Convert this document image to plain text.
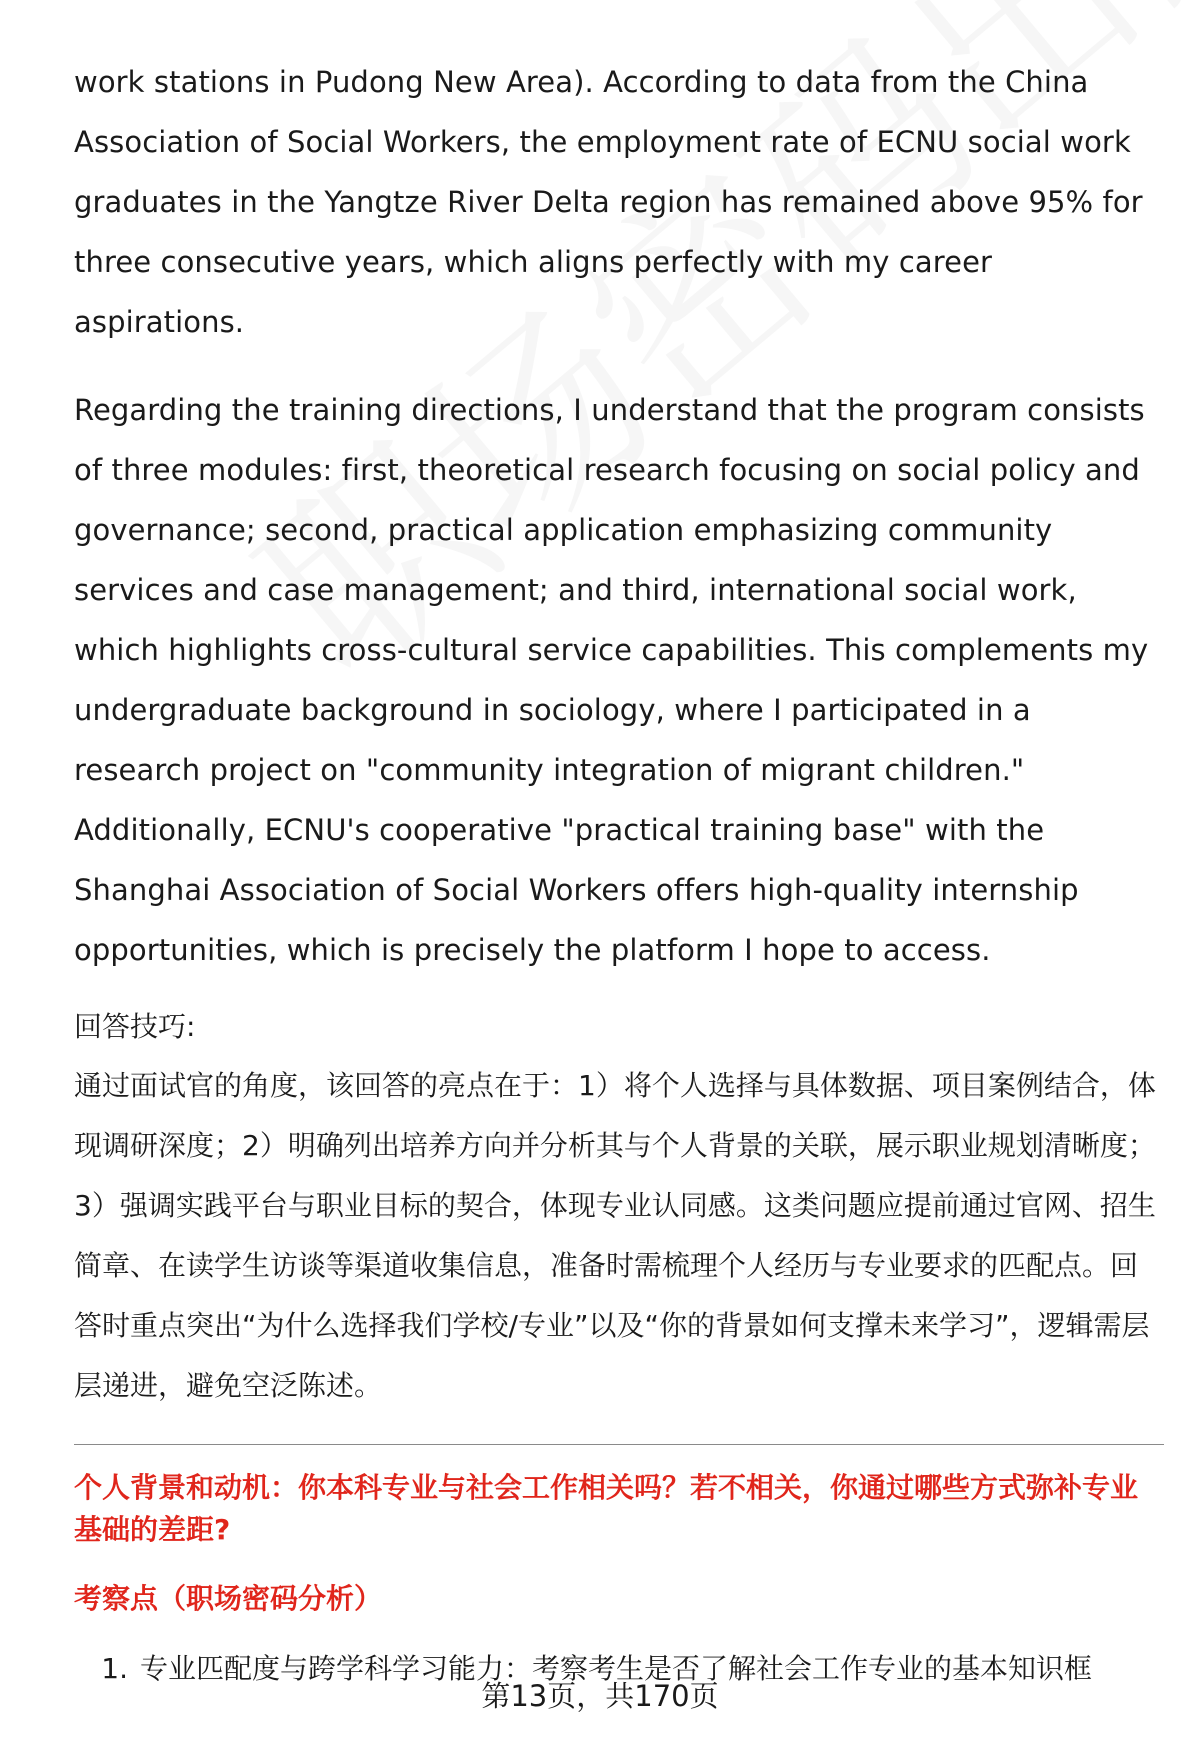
work stations in Pudong New Area). According to data from the China Association of Social Workers, the employment rate of ECNU social work graduates in the Yangtze River Delta region has remained above 95% for three consecutive years, which aligns perfectly with my career aspirations.

Regarding the training directions, I understand that the program consists of three modules: first, theoretical research focusing on social policy and governance; second, practical application emphasizing community services and case management; and third, international social work, which highlights cross-cultural service capabilities. This complements my undergraduate background in sociology, where I participated in a research project on "community integration of migrant children." Additionally, ECNU's cooperative "practical training base" with the Shanghai Association of Social Workers offers high-quality internship opportunities, which is precisely the platform I hope to access.

回答技巧:

通过面试官的角度，该回答的亮点在于：1）将个人选择与具体数据、项目案例结合，体现调研深度；2）明确列出培养方向并分析其与个人背景的关联，展示职业规划清晰度；3）强调实践平台与职业目标的契合，体现专业认同感。这类问题应提前通过官网、招生简章、在读学生访谈等渠道收集信息，准备时需梳理个人经历与专业要求的匹配点。回答时重点突出“为什么选择我们学校/专业”以及“你的背景如何支撑未来学习”，逻辑需层层递进，避免空泛陈述。

个人背景和动机：你本科专业与社会工作相关吗？若不相关，你通过哪些方式弥补专业基础的差距?
考察点（职场密码分析）
1. 专业匹配度与跨学科学习能力：考察考生是否了解社会工作专业的基本知识框
第13页，共170页
